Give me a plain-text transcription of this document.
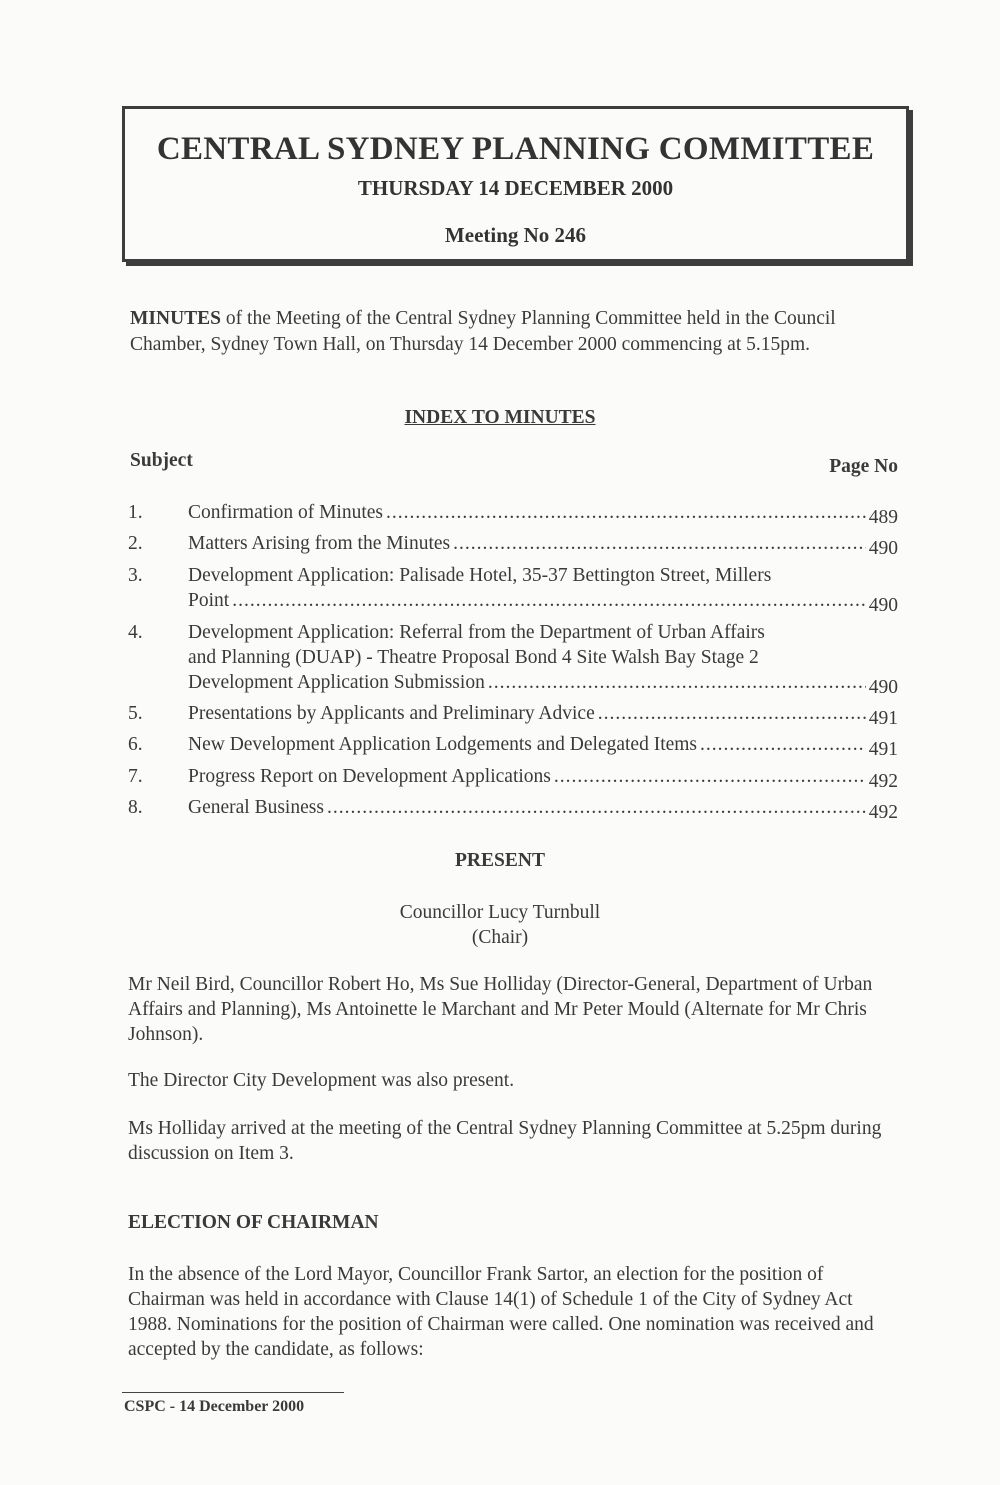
CENTRAL SYDNEY PLANNING COMMITTEE
THURSDAY 14 DECEMBER 2000
Meeting No 246
MINUTES of the Meeting of the Central Sydney Planning Committee held in the Council Chamber, Sydney Town Hall, on Thursday 14 December 2000 commencing at 5.15pm.
INDEX TO MINUTES
Subject	Page No
1. Confirmation of Minutes .....	489
2. Matters Arising from the Minutes .....	490
3. Development Application: Palisade Hotel, 35-37 Bettington Street, Millers
Point .....	490
4. Development Application: Referral from the Department of Urban Affairs
and Planning (DUAP) - Theatre Proposal Bond 4 Site Walsh Bay Stage 2
Development Application Submission .....	490
5. Presentations by Applicants and Preliminary Advice .....	491
6. New Development Application Lodgements and Delegated Items .....	491
7. Progress Report on Development Applications .....	492
8. General Business .....	492
PRESENT
Councillor Lucy Turnbull
(Chair)
Mr Neil Bird, Councillor Robert Ho, Ms Sue Holliday (Director-General, Department of Urban Affairs and Planning), Ms Antoinette le Marchant and Mr Peter Mould (Alternate for Mr Chris Johnson).
The Director City Development was also present.
Ms Holliday arrived at the meeting of the Central Sydney Planning Committee at 5.25pm during discussion on Item 3.
ELECTION OF CHAIRMAN
In the absence of the Lord Mayor, Councillor Frank Sartor, an election for the position of Chairman was held in accordance with Clause 14(1) of Schedule 1 of the City of Sydney Act 1988. Nominations for the position of Chairman were called. One nomination was received and accepted by the candidate, as follows:
CSPC - 14 December 2000
